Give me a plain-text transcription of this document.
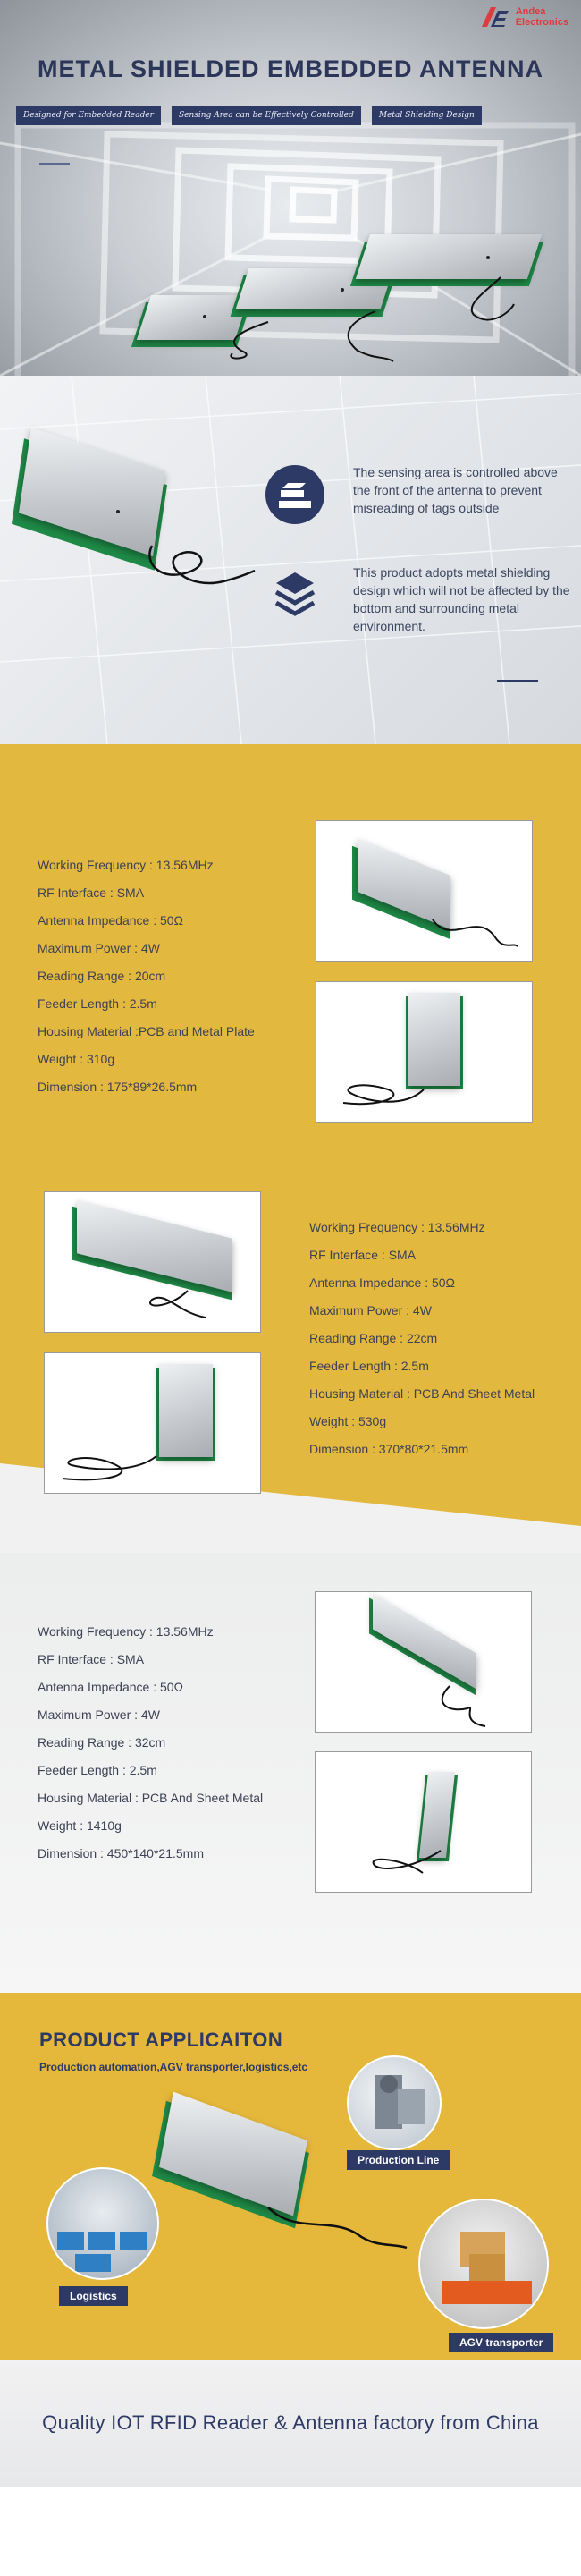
Andea
Electronics
METAL SHIELDED EMBEDDED ANTENNA
Designed for Embedded Reader	Sensing Area can be Effectively Controlled	Metal Shielding Design

The sensing area is controlled above the front of the antenna to prevent misreading of tags outside

This product adopts metal shielding design which will not be affected by the bottom and surrounding metal environment.

Working Frequency : 13.56MHz
RF Interface : SMA
Antenna Impedance : 50Ω
Maximum Power : 4W
Reading Range : 20cm
Feeder Length : 2.5m
Housing Material :PCB and Metal Plate
Weight : 310g
Dimension : 175*89*26.5mm
Working Frequency : 13.56MHz
RF Interface : SMA
Antenna Impedance : 50Ω
Maximum Power : 4W
Reading Range : 22cm
Feeder Length : 2.5m
Housing Material : PCB And Sheet Metal
Weight : 530g
Dimension : 370*80*21.5mm
Working Frequency : 13.56MHz
RF Interface : SMA
Antenna Impedance : 50Ω
Maximum Power : 4W
Reading Range : 32cm
Feeder Length : 2.5m
Housing Material : PCB And Sheet Metal
Weight : 1410g
Dimension : 450*140*21.5mm
PRODUCT APPLICAITON

Production automation,AGV transporter,logistics,etc

Production Line
Logistics
AGV transporter

Quality IOT RFID Reader & Antenna factory from China
